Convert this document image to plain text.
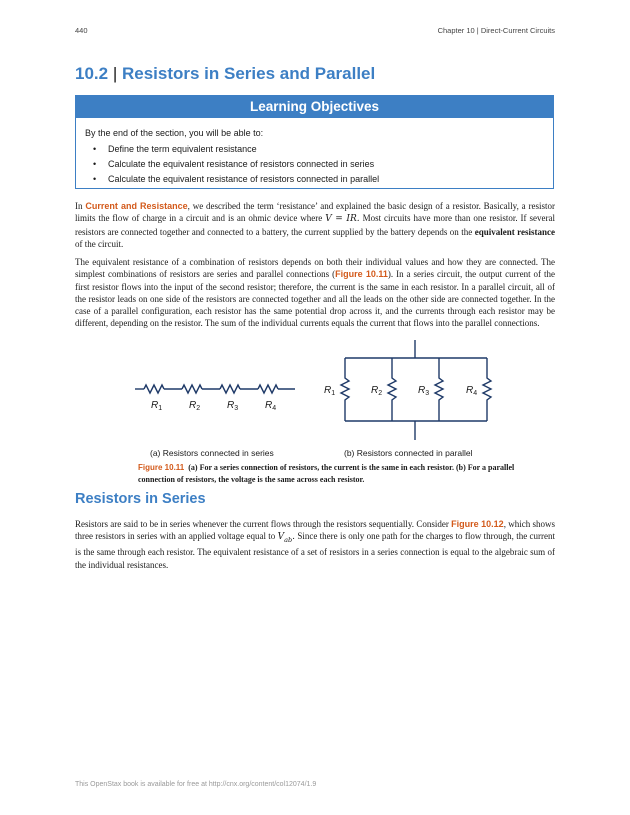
440	Chapter 10 | Direct-Current Circuits
10.2 | Resistors in Series and Parallel
Learning Objectives
By the end of the section, you will be able to:
• Define the term equivalent resistance
• Calculate the equivalent resistance of resistors connected in series
• Calculate the equivalent resistance of resistors connected in parallel

In Current and Resistance, we described the term ‘resistance’ and explained the basic design of a resistor. Basically, a resistor limits the flow of charge in a circuit and is an ohmic device where V = IR. Most circuits have more than one resistor. If several resistors are connected together and connected to a battery, the current supplied by the battery depends on the equivalent resistance of the circuit.

The equivalent resistance of a combination of resistors depends on both their individual values and how they are connected. The simplest combinations of resistors are series and parallel connections (Figure 10.11). In a series circuit, the output current of the first resistor flows into the input of the second resistor; therefore, the current is the same in each resistor. In a parallel circuit, all of the resistor leads on one side of the resistors are connected together and all the leads on the other side are connected together. In the case of a parallel configuration, each resistor has the same potential drop across it, and the currents through each resistor may be different, depending on the resistor. The sum of the individual currents equals the current that flows into the parallel connections.

$R_1$	$R_2$	$R_3$	$R_4$
$R_1$	$R_2$	$R_3$	$R_4$
(a) Resistors connected in series	(b) Resistors connected in parallel

Figure 10.11 (a) For a series connection of resistors, the current is the same in each resistor. (b) For a parallel connection of resistors, the voltage is the same across each resistor.

Resistors in Series

Resistors are said to be in series whenever the current flows through the resistors sequentially. Consider Figure 10.12, which shows three resistors in series with an applied voltage equal to $V_{ab}$. Since there is only one path for the charges to flow through, the current is the same through each resistor. The equivalent resistance of a set of resistors in a series connection is equal to the algebraic sum of the individual resistances.

This OpenStax book is available for free at http://cnx.org/content/col12074/1.9
